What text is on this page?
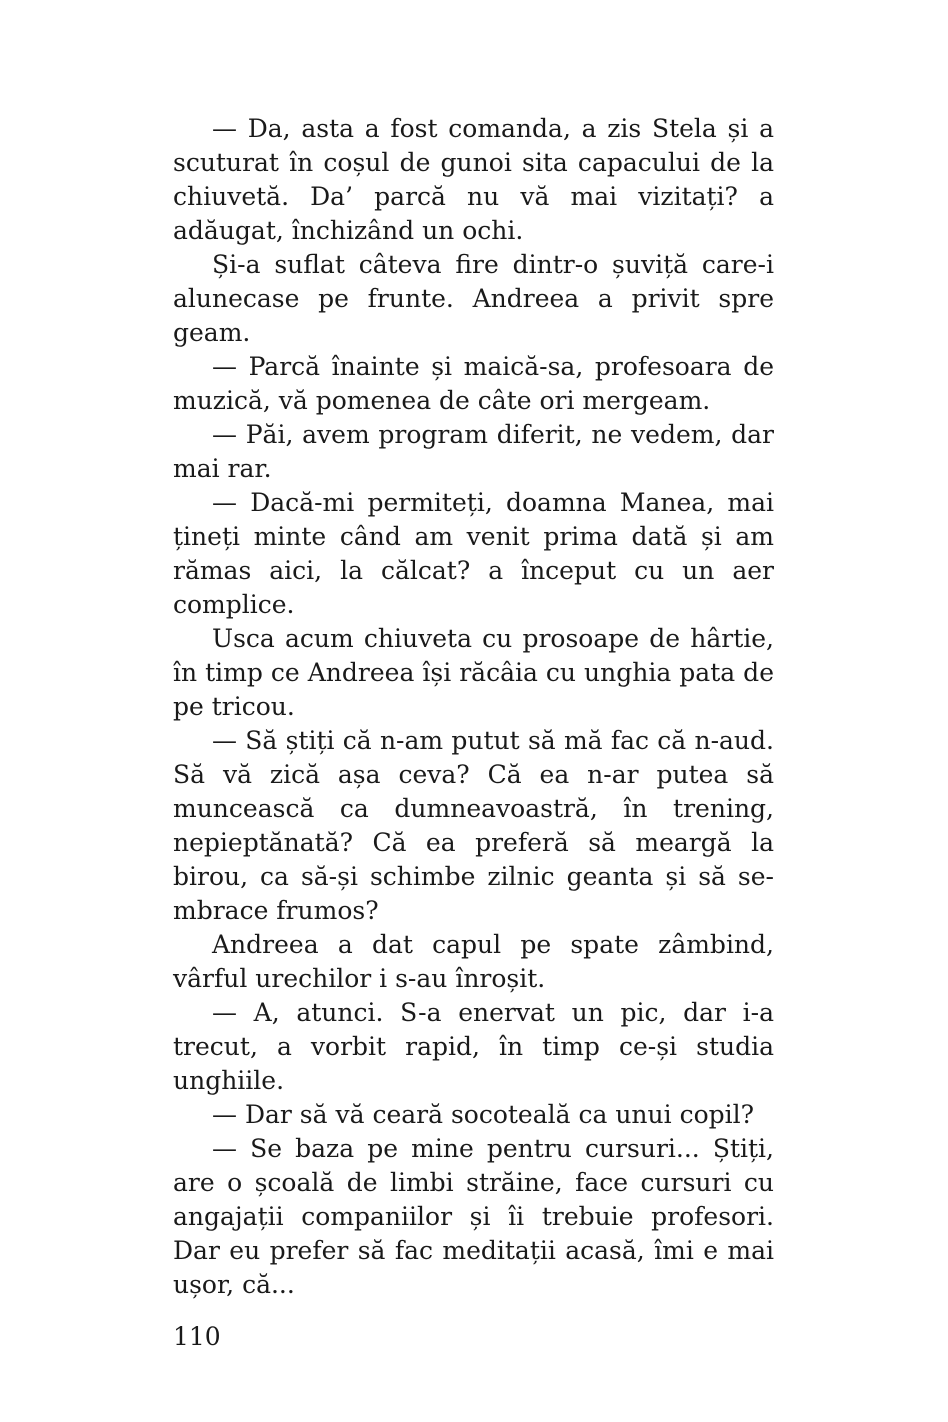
— Da, asta a fost comanda, a zis Stela și a scuturat în coșul de gunoi sita capacului de la chiuvetă. Da’ parcă nu vă mai vizitați? a adăugat, închizând un ochi.

Și-a suflat câteva fire dintr-o șuviță care-i alunecase pe frunte. Andreea a privit spre geam.

— Parcă înainte și maică-sa, profesoara de muzică, vă pomenea de câte ori mergeam.

— Păi, avem program diferit, ne vedem, dar mai rar.

— Dacă-mi permiteți, doamna Manea, mai țineți minte când am venit prima dată și am rămas aici, la călcat? a început cu un aer complice.

Usca acum chiuveta cu prosoape de hârtie, în timp ce Andreea își răcâia cu unghia pata de pe tricou.

— Să știți că n-am putut să mă fac că n-aud. Să vă zică așa ceva? Că ea n-ar putea să muncească ca dumneavoastră, în trening, nepieptănată? Că ea preferă să meargă la birou, ca să-și schimbe zilnic geanta și să se-mbrace frumos?

Andreea a dat capul pe spate zâmbind, vârful urechilor i s-au înroșit.

— A, atunci. S-a enervat un pic, dar i-a trecut, a vorbit rapid, în timp ce-și studia unghiile.

— Dar să vă ceară socoteală ca unui copil?

— Se baza pe mine pentru cursuri... Știți, are o școală de limbi străine, face cursuri cu angajații companiilor și îi trebuie profesori. Dar eu prefer să fac meditații acasă, îmi e mai ușor, că...

110
